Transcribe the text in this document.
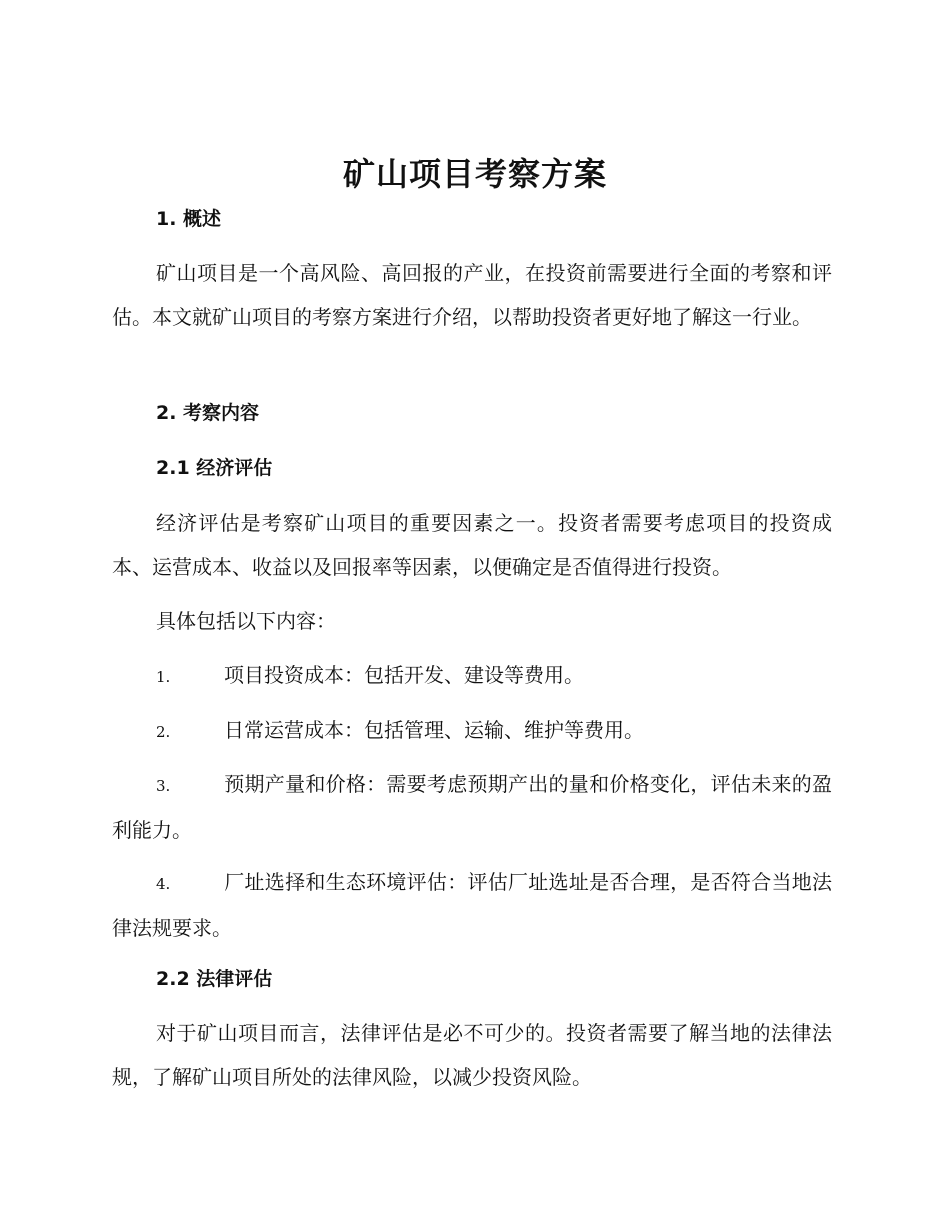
矿山项目考察方案
1. 概述

矿山项目是一个高风险、高回报的产业，在投资前需要进行全面的考察和评估。本文就矿山项目的考察方案进行介绍，以帮助投资者更好地了解这一行业。

2. 考察内容
2.1 经济评估

经济评估是考察矿山项目的重要因素之一。投资者需要考虑项目的投资成本、运营成本、收益以及回报率等因素，以便确定是否值得进行投资。

具体包括以下内容：

1.	项目投资成本：包括开发、建设等费用。

2.	日常运营成本：包括管理、运输、维护等费用。

3.	预期产量和价格：需要考虑预期产出的量和价格变化，评估未来的盈利能力。

4.	厂址选择和生态环境评估：评估厂址选址是否合理，是否符合当地法律法规要求。

2.2 法律评估

对于矿山项目而言，法律评估是必不可少的。投资者需要了解当地的法律法规，了解矿山项目所处的法律风险，以减少投资风险。
